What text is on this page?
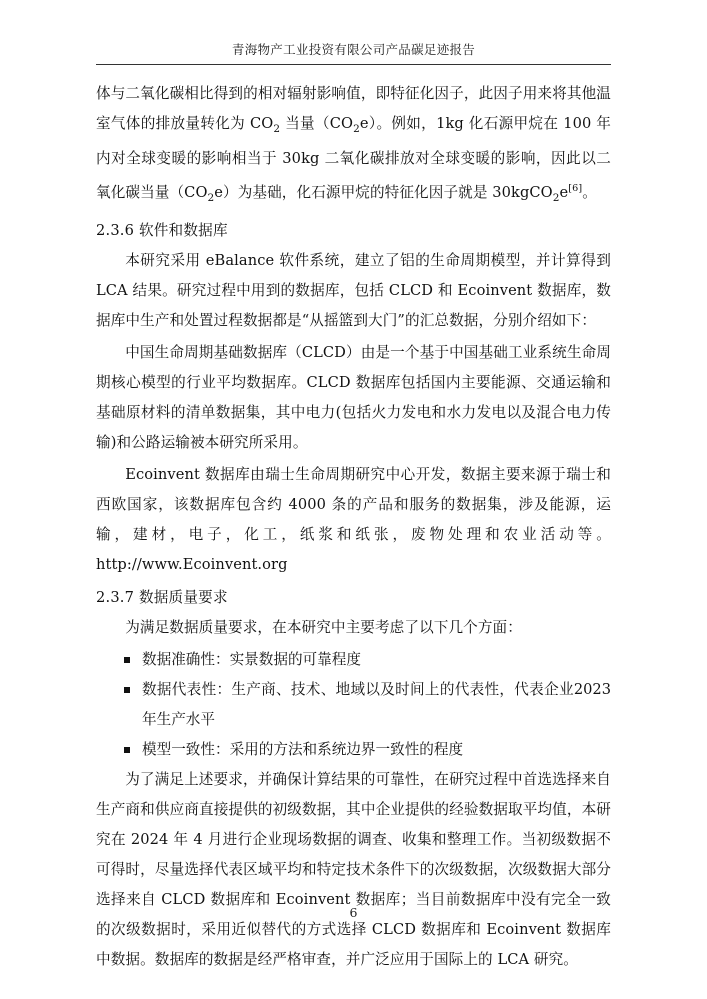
青海物产工业投资有限公司产品碳足迹报告

体与二氧化碳相比得到的相对辐射影响值，即特征化因子，此因子用来将其他温室气体的排放量转化为 $CO_2$ 当量$(CO_2e)$。例如，1kg 化石源甲烷在 100 年内对全球变暖的影响相当于 30kg 二氧化碳排放对全球变暖的影响，因此以二氧化碳当量$(CO_2e)$为基础，化石源甲烷的特征化因子就是 30kgCO$_2$e[6]。

2.3.6 软件和数据库

本研究采用 eBalance 软件系统，建立了铝的生命周期模型，并计算得到 LCA 结果。研究过程中用到的数据库，包括 CLCD 和 Ecoinvent 数据库，数据库中生产和处置过程数据都是“从摇篮到大门”的汇总数据，分别介绍如下：

中国生命周期基础数据库（CLCD）由是一个基于中国基础工业系统生命周期核心模型的行业平均数据库。CLCD 数据库包括国内主要能源、交通运输和基础原材料的清单数据集，其中电力(包括火力发电和水力发电以及混合电力传输)和公路运输被本研究所采用。

Ecoinvent 数据库由瑞士生命周期研究中心开发，数据主要来源于瑞士和西欧国家，该数据库包含约 4000 条的产品和服务的数据集，涉及能源，运输，建材，电子，化工，纸浆和纸张，废物处理和农业活动等。http://www.Ecoinvent.org

2.3.7 数据质量要求

为满足数据质量要求，在本研究中主要考虑了以下几个方面：

数据准确性：实景数据的可靠程度
数据代表性：生产商、技术、地域以及时间上的代表性，代表企业2023年生产水平
模型一致性：采用的方法和系统边界一致性的程度

为了满足上述要求，并确保计算结果的可靠性，在研究过程中首选选择来自生产商和供应商直接提供的初级数据，其中企业提供的经验数据取平均值，本研究在 2024 年 4 月进行企业现场数据的调查、收集和整理工作。当初级数据不可得时，尽量选择代表区域平均和特定技术条件下的次级数据，次级数据大部分选择来自 CLCD 数据库和 Ecoinvent 数据库；当目前数据库中没有完全一致的次级数据时，采用近似替代的方式选择 CLCD 数据库和 Ecoinvent 数据库中数据。数据库的数据是经严格审查，并广泛应用于国际上的 LCA 研究。

6
